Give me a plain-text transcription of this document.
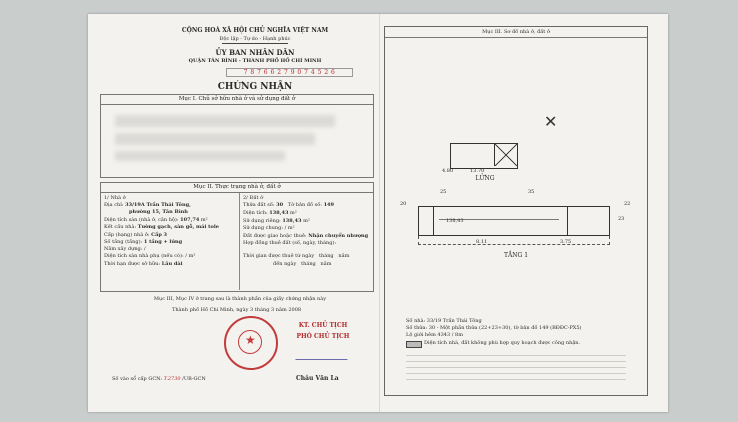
CỘNG HOÀ XÃ HỘI CHỦ NGHĨA VIỆT NAM
Độc lập - Tự do - Hạnh phúc
ỦY BAN NHÂN DÂN
QUẬN TÂN BÌNH - THÀNH PHỐ HỒ CHÍ MINH
7 8 7 6 6 2 7 9 0 7 4 5 2 6
CHỨNG NHẬN
Mục I. Chủ sở hữu nhà ở và sử dụng đất ở
Mục II. Thực trạng nhà ở, đất ở
1/ Nhà ở
Địa chỉ: 33/19A Trần Thái Tông,
phường 15, Tân Bình
Diện tích sàn (nhà ở, căn hộ): 107,74 m²
Kết cấu nhà: Tường gạch, sàn gỗ, mái tole
Cấp (hạng) nhà ở: Cấp 3
Số tầng (tầng): 1 tầng + lửng
Năm xây dựng: /
Diện tích sàn nhà phụ (nếu có): / m²
Thời hạn được sở hữu: Lâu dài
2/ Đất ở
Thửa đất số: 30 Tờ bản đồ số: 149
Diện tích: 138,43 m²
Sử dụng riêng: 138,43 m²
Sử dụng chung: / m²
Đất được giao hoặc thuê: Nhận chuyển nhượng
Hợp đồng thuê đất (số, ngày, tháng):
Thời gian được thuê từ ngày tháng năm
đến ngày tháng năm
Mục III, Mục IV ở trang sau là thành phần của giấy chứng nhận này
Thành phố Hồ Chí Minh, ngày 3 tháng 3 năm 2008
★
KT. CHỦ TỊCH
PHÓ CHỦ TỊCH
Châu Văn La
Số vào sổ cấp GCN: T.2730 /UB-GCN
Mục III. Sơ đồ nhà ở, đất ở
✕
4.80	13.70
LỬNG
25	35
20
23
22
138,43
8.11	3.75
TẦNG 1
Số nhà: 33/19 Trần Thái Tông
Số thửa: 30 - Một phần thửa (22+23+30), tờ bản đồ 149 (BĐĐC-PX5)
Lộ giới hẻm 4343 / 8m
Diện tích nhà, đất không phù hợp quy hoạch được công nhận.
